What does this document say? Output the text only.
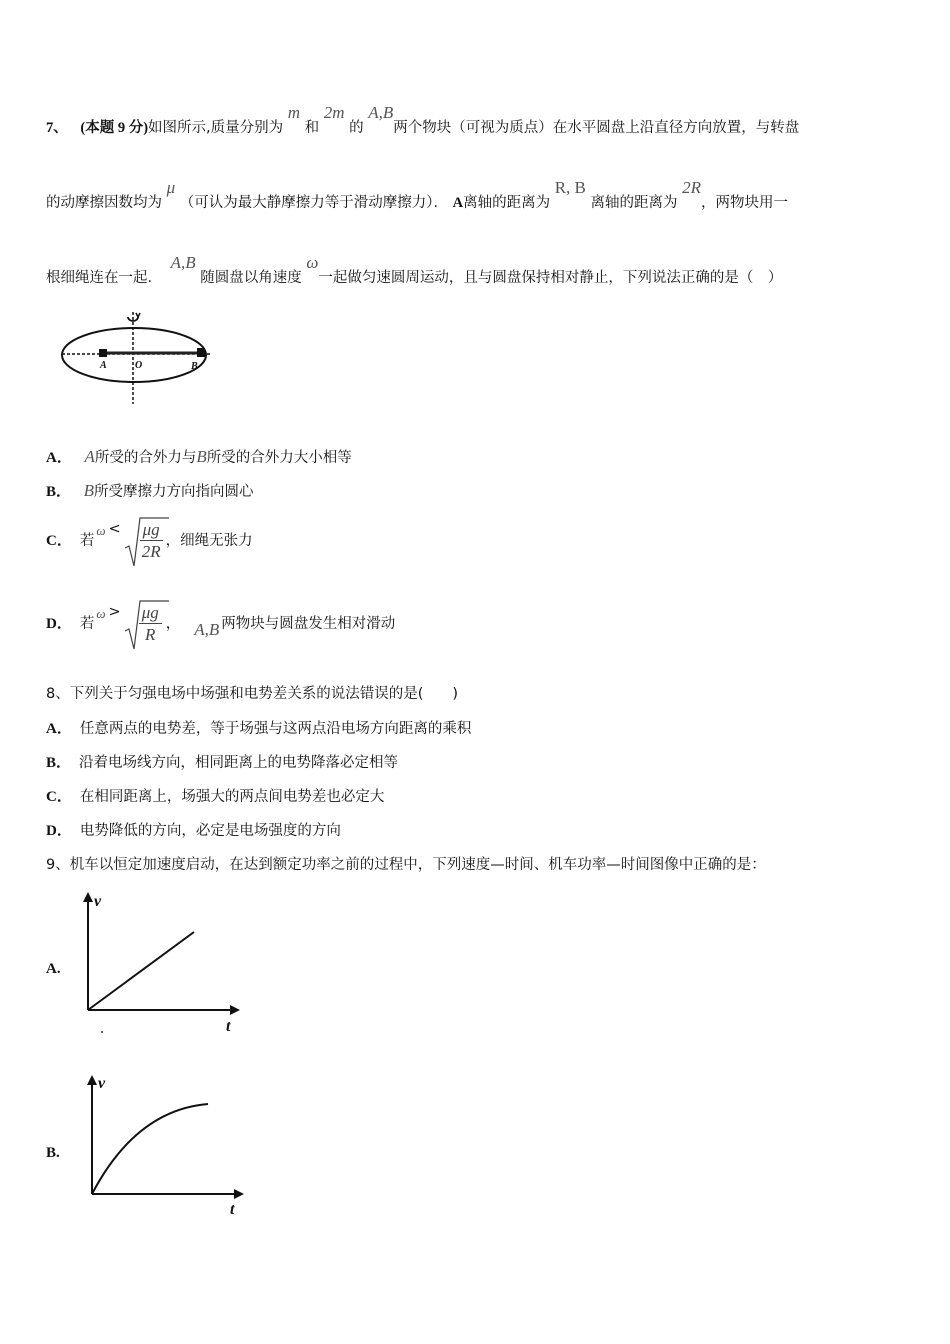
7、 (本题 9 分)如图所示,质量分别为 m 和 2m 的 A,B两个物块（可视为质点）在水平圆盘上沿直径方向放置，与转盘
的动摩擦因数均为 μ （可认为最大静摩擦力等于滑动摩擦力）． A离轴的距离为 R, B 离轴的距离为 2R，两物块用一
根细绳连在一起． A,B 随圆盘以角速度 ω一起做匀速圆周运动，且与圆盘保持相对静止，下列说法正确的是（　）
A	O	B
A． A所受的合外力与B所受的合外力大小相等
B． B所受摩擦力方向指向圆心
C． 若
$\omega < \frac{\mu g}{2R}$ ，细绳无张力
D． 若
$\omega > \frac{\mu g}{R}$ ， A,B 两物块与圆盘发生相对滑动
8、下列关于匀强电场中场强和电势差关系的说法错误的是(　　)
A． 任意两点的电势差，等于场强与这两点沿电场方向距离的乘积
B． 沿着电场线方向，相同距离上的电势降落必定相等
C． 在相同距离上，场强大的两点间电势差也必定大
D． 电势降低的方向，必定是电场强度的方向
9、机车以恒定加速度启动，在达到额定功率之前的过程中，下列速度—时间、机车功率—时间图像中正确的是：
A.
v
t
B.
v
t
